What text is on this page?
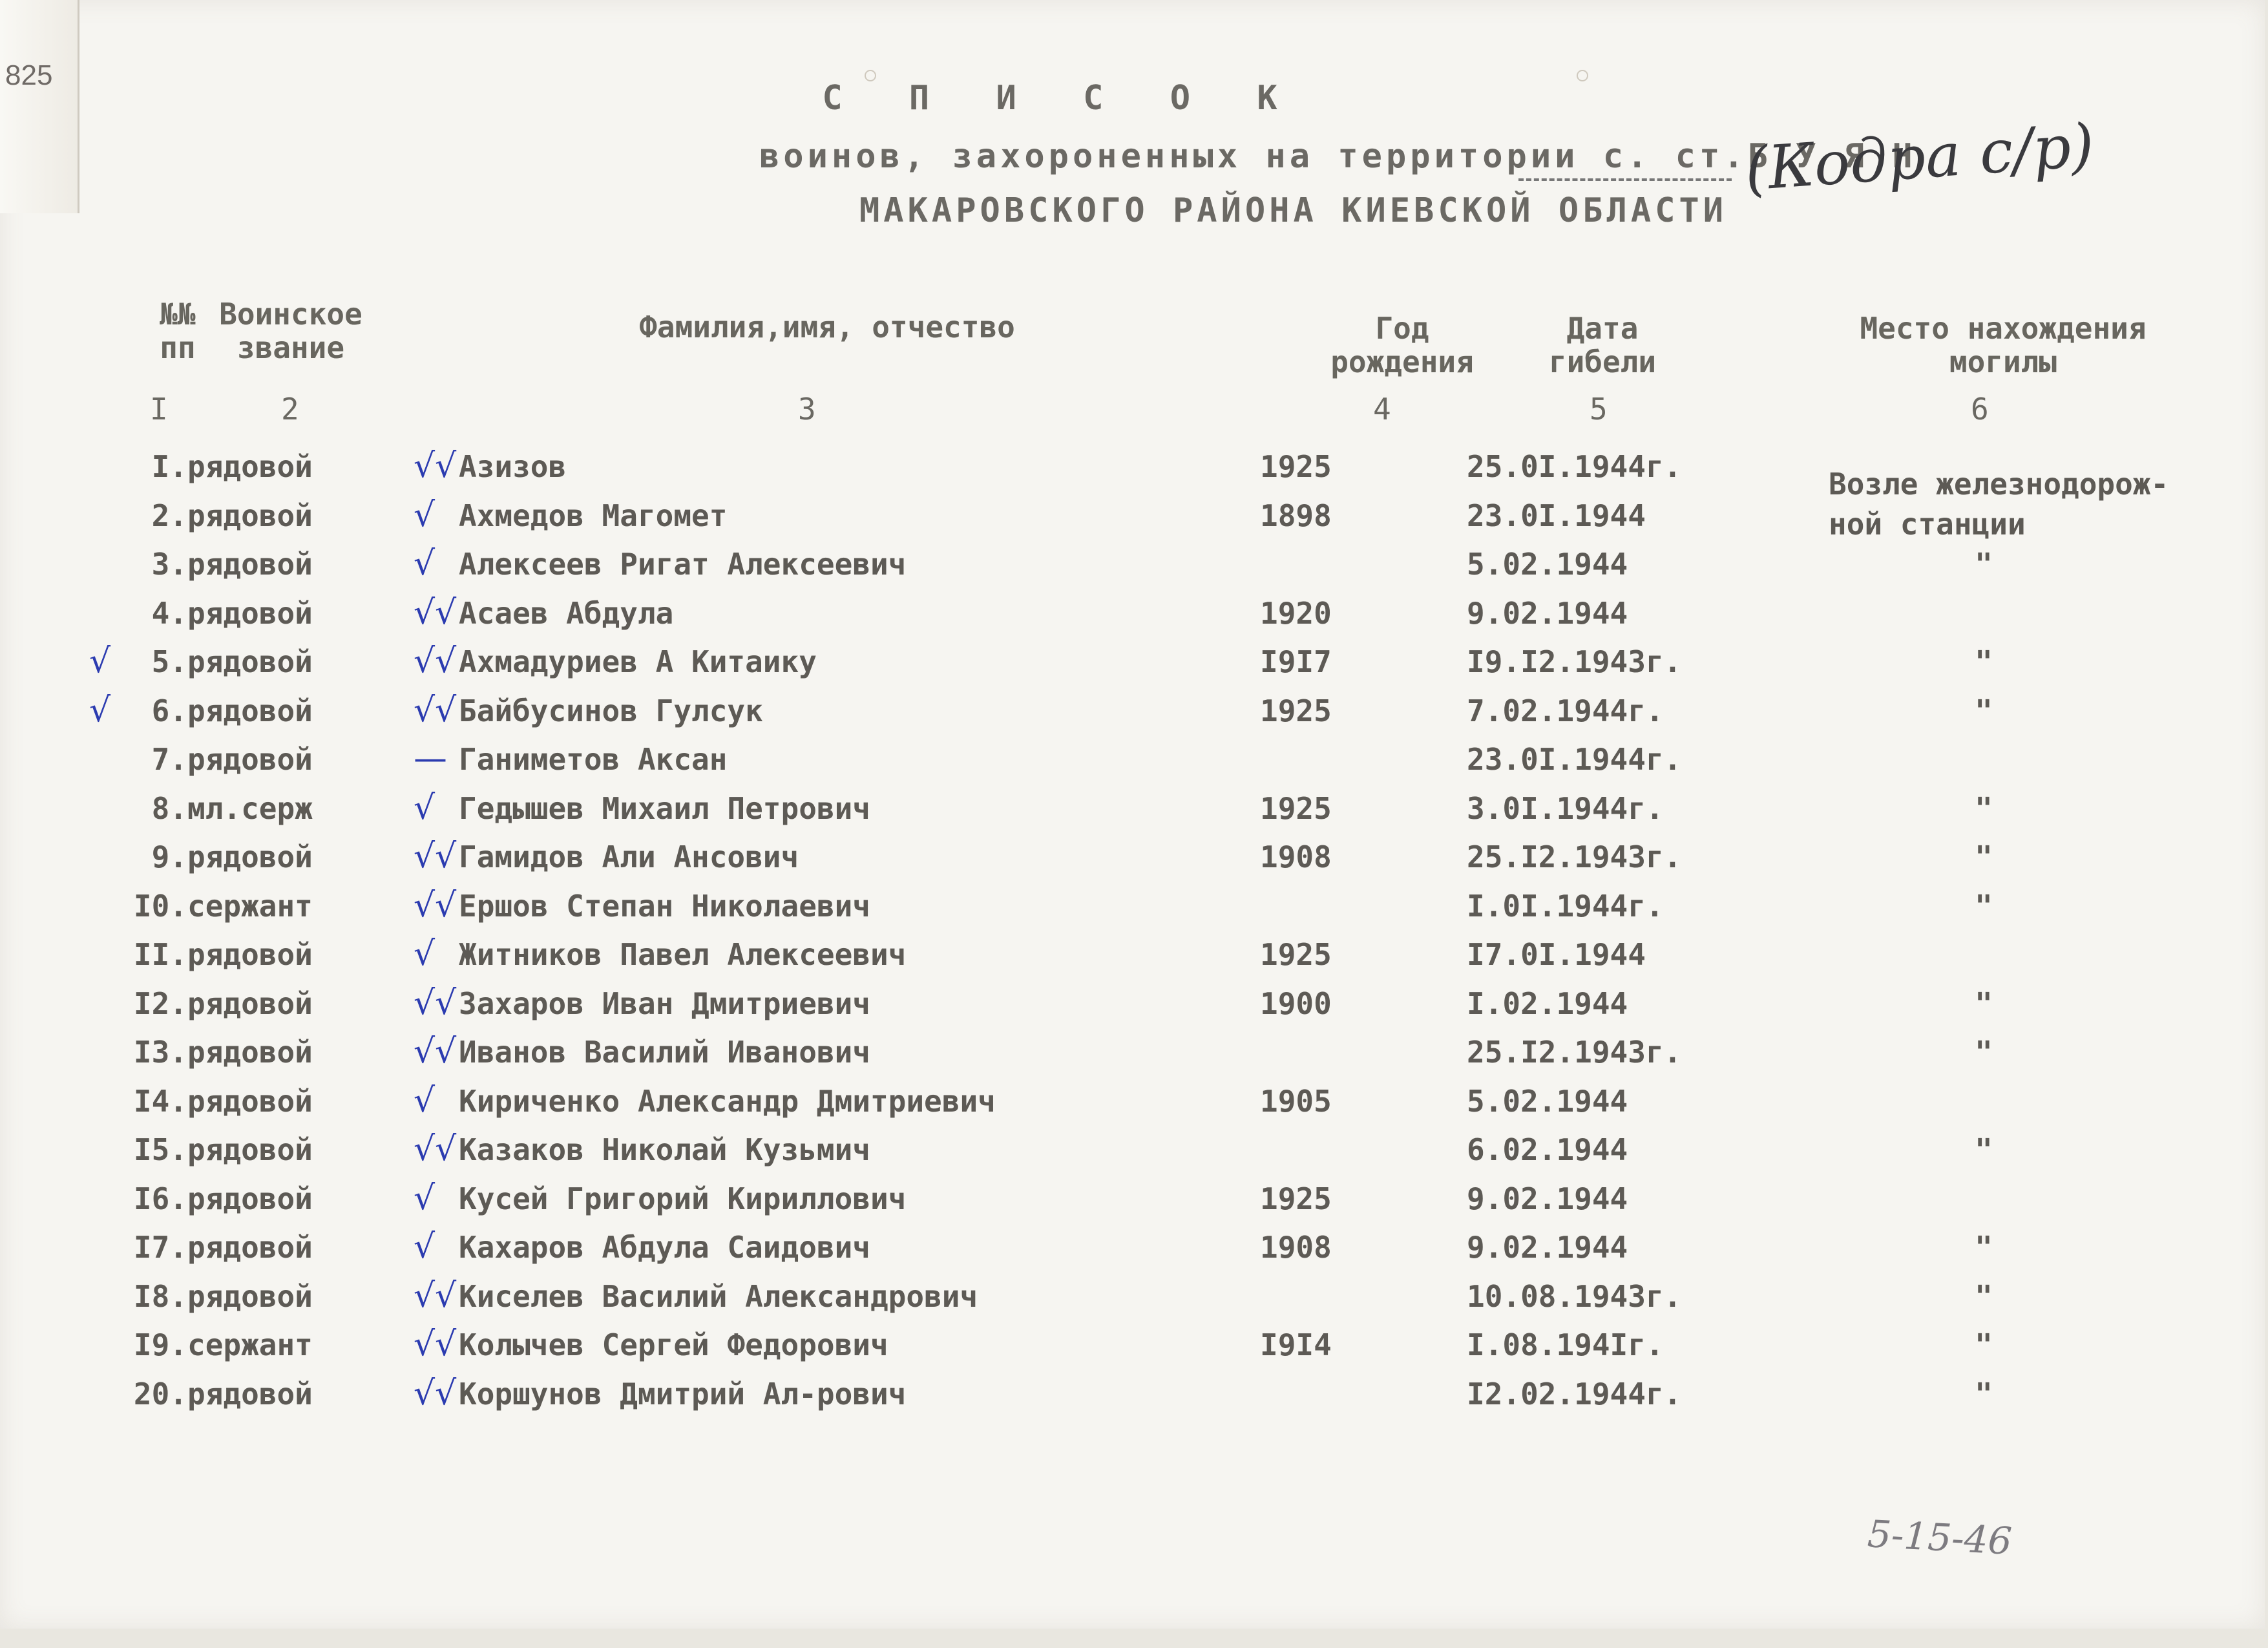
825
С П И С О К
воинов, захороненных на территории с. ст.Б У Я Н
(Кодра с/р)
МАКАРОВСКОГО РАЙОНА КИЕВСКОЙ ОБЛАСТИ
№№ пп
Воинское звание
Фамилия,имя, отчество	Год рождения
Дата гибели
Место нахождения могилы
I	2	3	4	5	6
Возле железнодорож-
ной станции
I. рядовой	Азизов	1925	25.0I.1944г.
√√
2. рядовой	Ахмедов Магомет	1898	23.0I.1944
√
3. рядовой	Алексеев Ригат Алексеевич	5.02.1944	"
√
4. рядовой	Асаев Абдула	1920	9.02.1944
√√
5. рядовой	Ахмадуриев А Китаику	I9I7	I9.I2.1943г.	"
√√
√
6. рядовой	Байбусинов Гулсук	1925	7.02.1944г.	"
√√
√
7. рядовой	Ганиметов Аксан	23.0I.1944г.
—
8. мл.серж	Гедышев Михаил Петрович	1925	3.0I.1944г.	"
√
9. рядовой	Гамидов Али Ансович	1908	25.I2.1943г.	"
√√
I0. сержант	Ершов Степан Николаевич	I.0I.1944г.	"
√√
II. рядовой	Житников Павел Алексеевич	1925	I7.0I.1944
√
I2. рядовой	Захаров Иван Дмитриевич	1900	I.02.1944	"
√√
I3. рядовой	Иванов Василий Иванович	25.I2.1943г.	"
√√
I4. рядовой	Кириченко Александр Дмитриевич	1905	5.02.1944
√
I5. рядовой	Казаков Николай Кузьмич	6.02.1944	"
√√
I6. рядовой	Кусей Григорий Кириллович	1925	9.02.1944
√
I7. рядовой	Кахаров Абдула Саидович	1908	9.02.1944	"
√
I8. рядовой	Киселев Василий Александрович	10.08.1943г.	"
√√
I9. сержант	Колычев Сергей Федорович	I9I4	I.08.194Iг.	"
√√
20. рядовой	Коршунов Дмитрий Ал-рович	I2.02.1944г.	"
√√
5-15-46
